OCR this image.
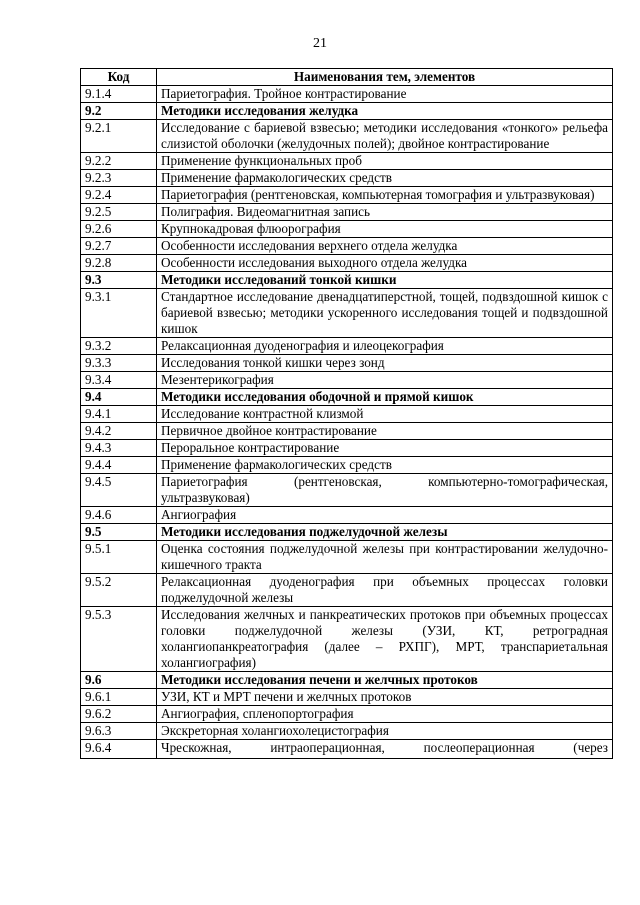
21
Код	Наименования тем, элементов
9.1.4	Париетография. Тройное контрастирование
9.2	Методики исследования желудка
9.2.1	Исследование с бариевой взвесью; методики исследования «тонкого» рельефа слизистой оболочки (желудочных полей); двойное контрастирование
9.2.2	Применение функциональных проб
9.2.3	Применение фармакологических средств
9.2.4	Париетография (рентгеновская, компьютерная томография и ультразвуковая)
9.2.5	Полиграфия. Видеомагнитная запись
9.2.6	Крупнокадровая флюорография
9.2.7	Особенности исследования верхнего отдела желудка
9.2.8	Особенности исследования выходного отдела желудка
9.3	Методики исследований тонкой кишки
9.3.1	Стандартное исследование двенадцатиперстной, тощей, подвздошной кишок с бариевой взвесью; методики ускоренного исследования тощей и подвздошной кишок
9.3.2	Релаксационная дуоденография и илеоцекография
9.3.3	Исследования тонкой кишки через зонд
9.3.4	Мезентерикография
9.4	Методики исследования ободочной и прямой кишок
9.4.1	Исследование контрастной клизмой
9.4.2	Первичное двойное контрастирование
9.4.3	Пероральное контрастирование
9.4.4	Применение фармакологических средств
9.4.5	Париетография (рентгеновская, компьютерно-томографическая, ультразвуковая)
9.4.6	Ангиография
9.5	Методики исследования поджелудочной железы
9.5.1	Оценка состояния поджелудочной железы при контрастировании желудочно-кишечного тракта
9.5.2	Релаксационная дуоденография при объемных процессах головки поджелудочной железы
9.5.3	Исследования желчных и панкреатических протоков при объемных процессах головки поджелудочной железы (УЗИ, КТ, ретроградная холангиопанкреатография (далее – РХПГ), МРТ, транспариетальная холангиография)
9.6	Методики исследования печени и желчных протоков
9.6.1	УЗИ, КТ и МРТ печени и желчных протоков
9.6.2	Ангиография, спленопортография
9.6.3	Экскреторная холангиохолецистография
9.6.4	Чрескожная, интраоперационная, послеоперационная (через
